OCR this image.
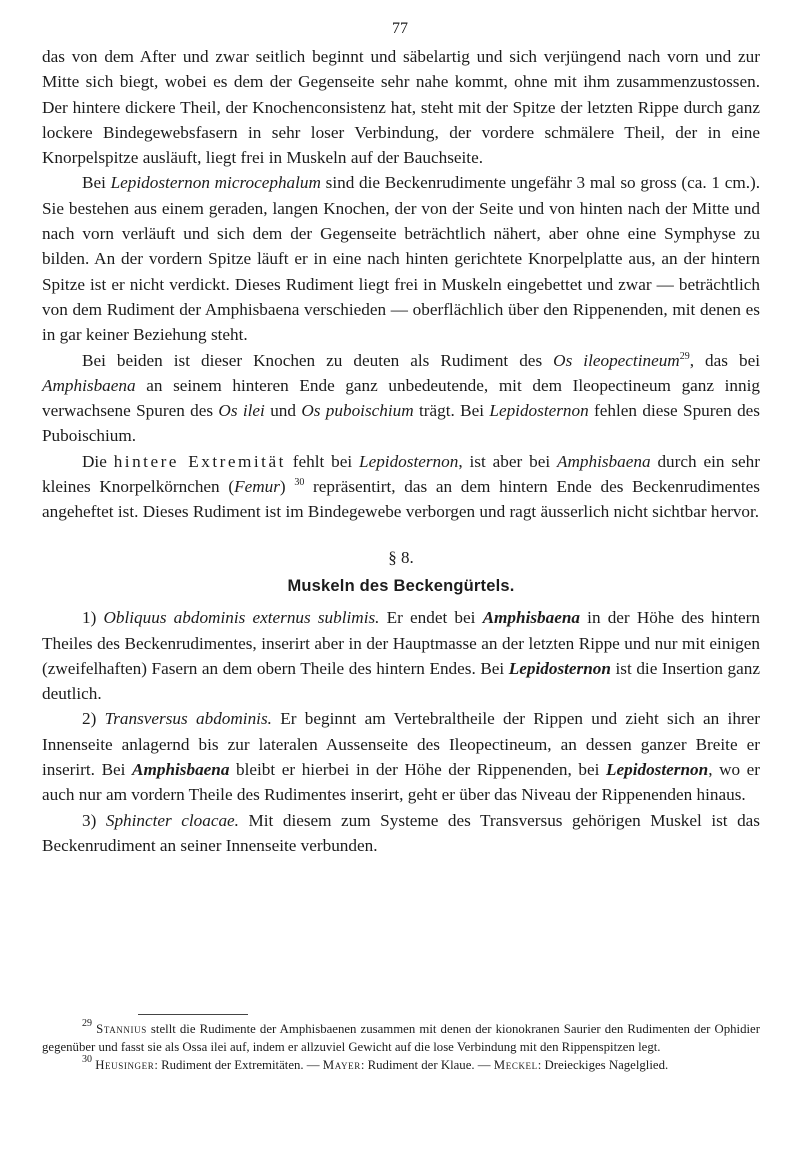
77

das von dem After und zwar seitlich beginnt und säbelartig und sich verjüngend nach vorn und zur Mitte sich biegt, wobei es dem der Gegenseite sehr nahe kommt, ohne mit ihm zusammenzustossen. Der hintere dickere Theil, der Knochenconsistenz hat, steht mit der Spitze der letzten Rippe durch ganz lockere Bindegewebsfasern in sehr loser Verbindung, der vordere schmälere Theil, der in eine Knorpelspitze ausläuft, liegt frei in Muskeln auf der Bauchseite.

Bei Lepidosternon microcephalum sind die Beckenrudimente ungefähr 3 mal so gross (ca. 1 cm.). Sie bestehen aus einem geraden, langen Knochen, der von der Seite und von hinten nach der Mitte und nach vorn verläuft und sich dem der Gegenseite beträchtlich nähert, aber ohne eine Symphyse zu bilden. An der vordern Spitze läuft er in eine nach hinten gerichtete Knorpelplatte aus, an der hintern Spitze ist er nicht verdickt. Dieses Rudiment liegt frei in Muskeln eingebettet und zwar — beträchtlich von dem Rudiment der Amphisbaena verschieden — oberflächlich über den Rippenenden, mit denen es in gar keiner Beziehung steht.

Bei beiden ist dieser Knochen zu deuten als Rudiment des Os ileopectineum$^{29}$, das bei Amphisbaena an seinem hinteren Ende ganz unbedeutende, mit dem Ileopectineum ganz innig verwachsene Spuren des Os ilei und Os puboischium trägt. Bei Lepidosternon fehlen diese Spuren des Puboischium.

Die hintere Extremität fehlt bei Lepidosternon, ist aber bei Amphisbaena durch ein sehr kleines Knorpelkörnchen (Femur) $^{30}$ repräsentirt, das an dem hintern Ende des Beckenrudimentes angeheftet ist. Dieses Rudiment ist im Bindegewebe verborgen und ragt äusserlich nicht sichtbar hervor.

§ 8.

Muskeln des Beckengürtels.

1) Obliquus abdominis externus sublimis. Er endet bei Amphisbaena in der Höhe des hintern Theiles des Beckenrudimentes, inserirt aber in der Hauptmasse an der letzten Rippe und nur mit einigen (zweifelhaften) Fasern an dem obern Theile des hintern Endes. Bei Lepidosternon ist die Insertion ganz deutlich.

2) Transversus abdominis. Er beginnt am Vertebraltheile der Rippen und zieht sich an ihrer Innenseite anlagernd bis zur lateralen Aussenseite des Ileopectineum, an dessen ganzer Breite er inserirt. Bei Amphisbaena bleibt er hierbei in der Höhe der Rippenenden, bei Lepidosternon, wo er auch nur am vordern Theile des Rudimentes inserirt, geht er über das Niveau der Rippenenden hinaus.

3) Sphincter cloacae. Mit diesem zum Systeme des Transversus gehörigen Muskel ist das Beckenrudiment an seiner Innenseite verbunden.

$^{29}$ Stannius stellt die Rudimente der Amphisbaenen zusammen mit denen der kionokranen Saurier den Rudimenten der Ophidier gegenüber und fasst sie als Ossa ilei auf, indem er allzuviel Gewicht auf die lose Verbindung mit den Rippenspitzen legt.

$^{30}$ Heusinger: Rudiment der Extremitäten. — Mayer: Rudiment der Klaue. — Meckel: Dreieckiges Nagelglied.
